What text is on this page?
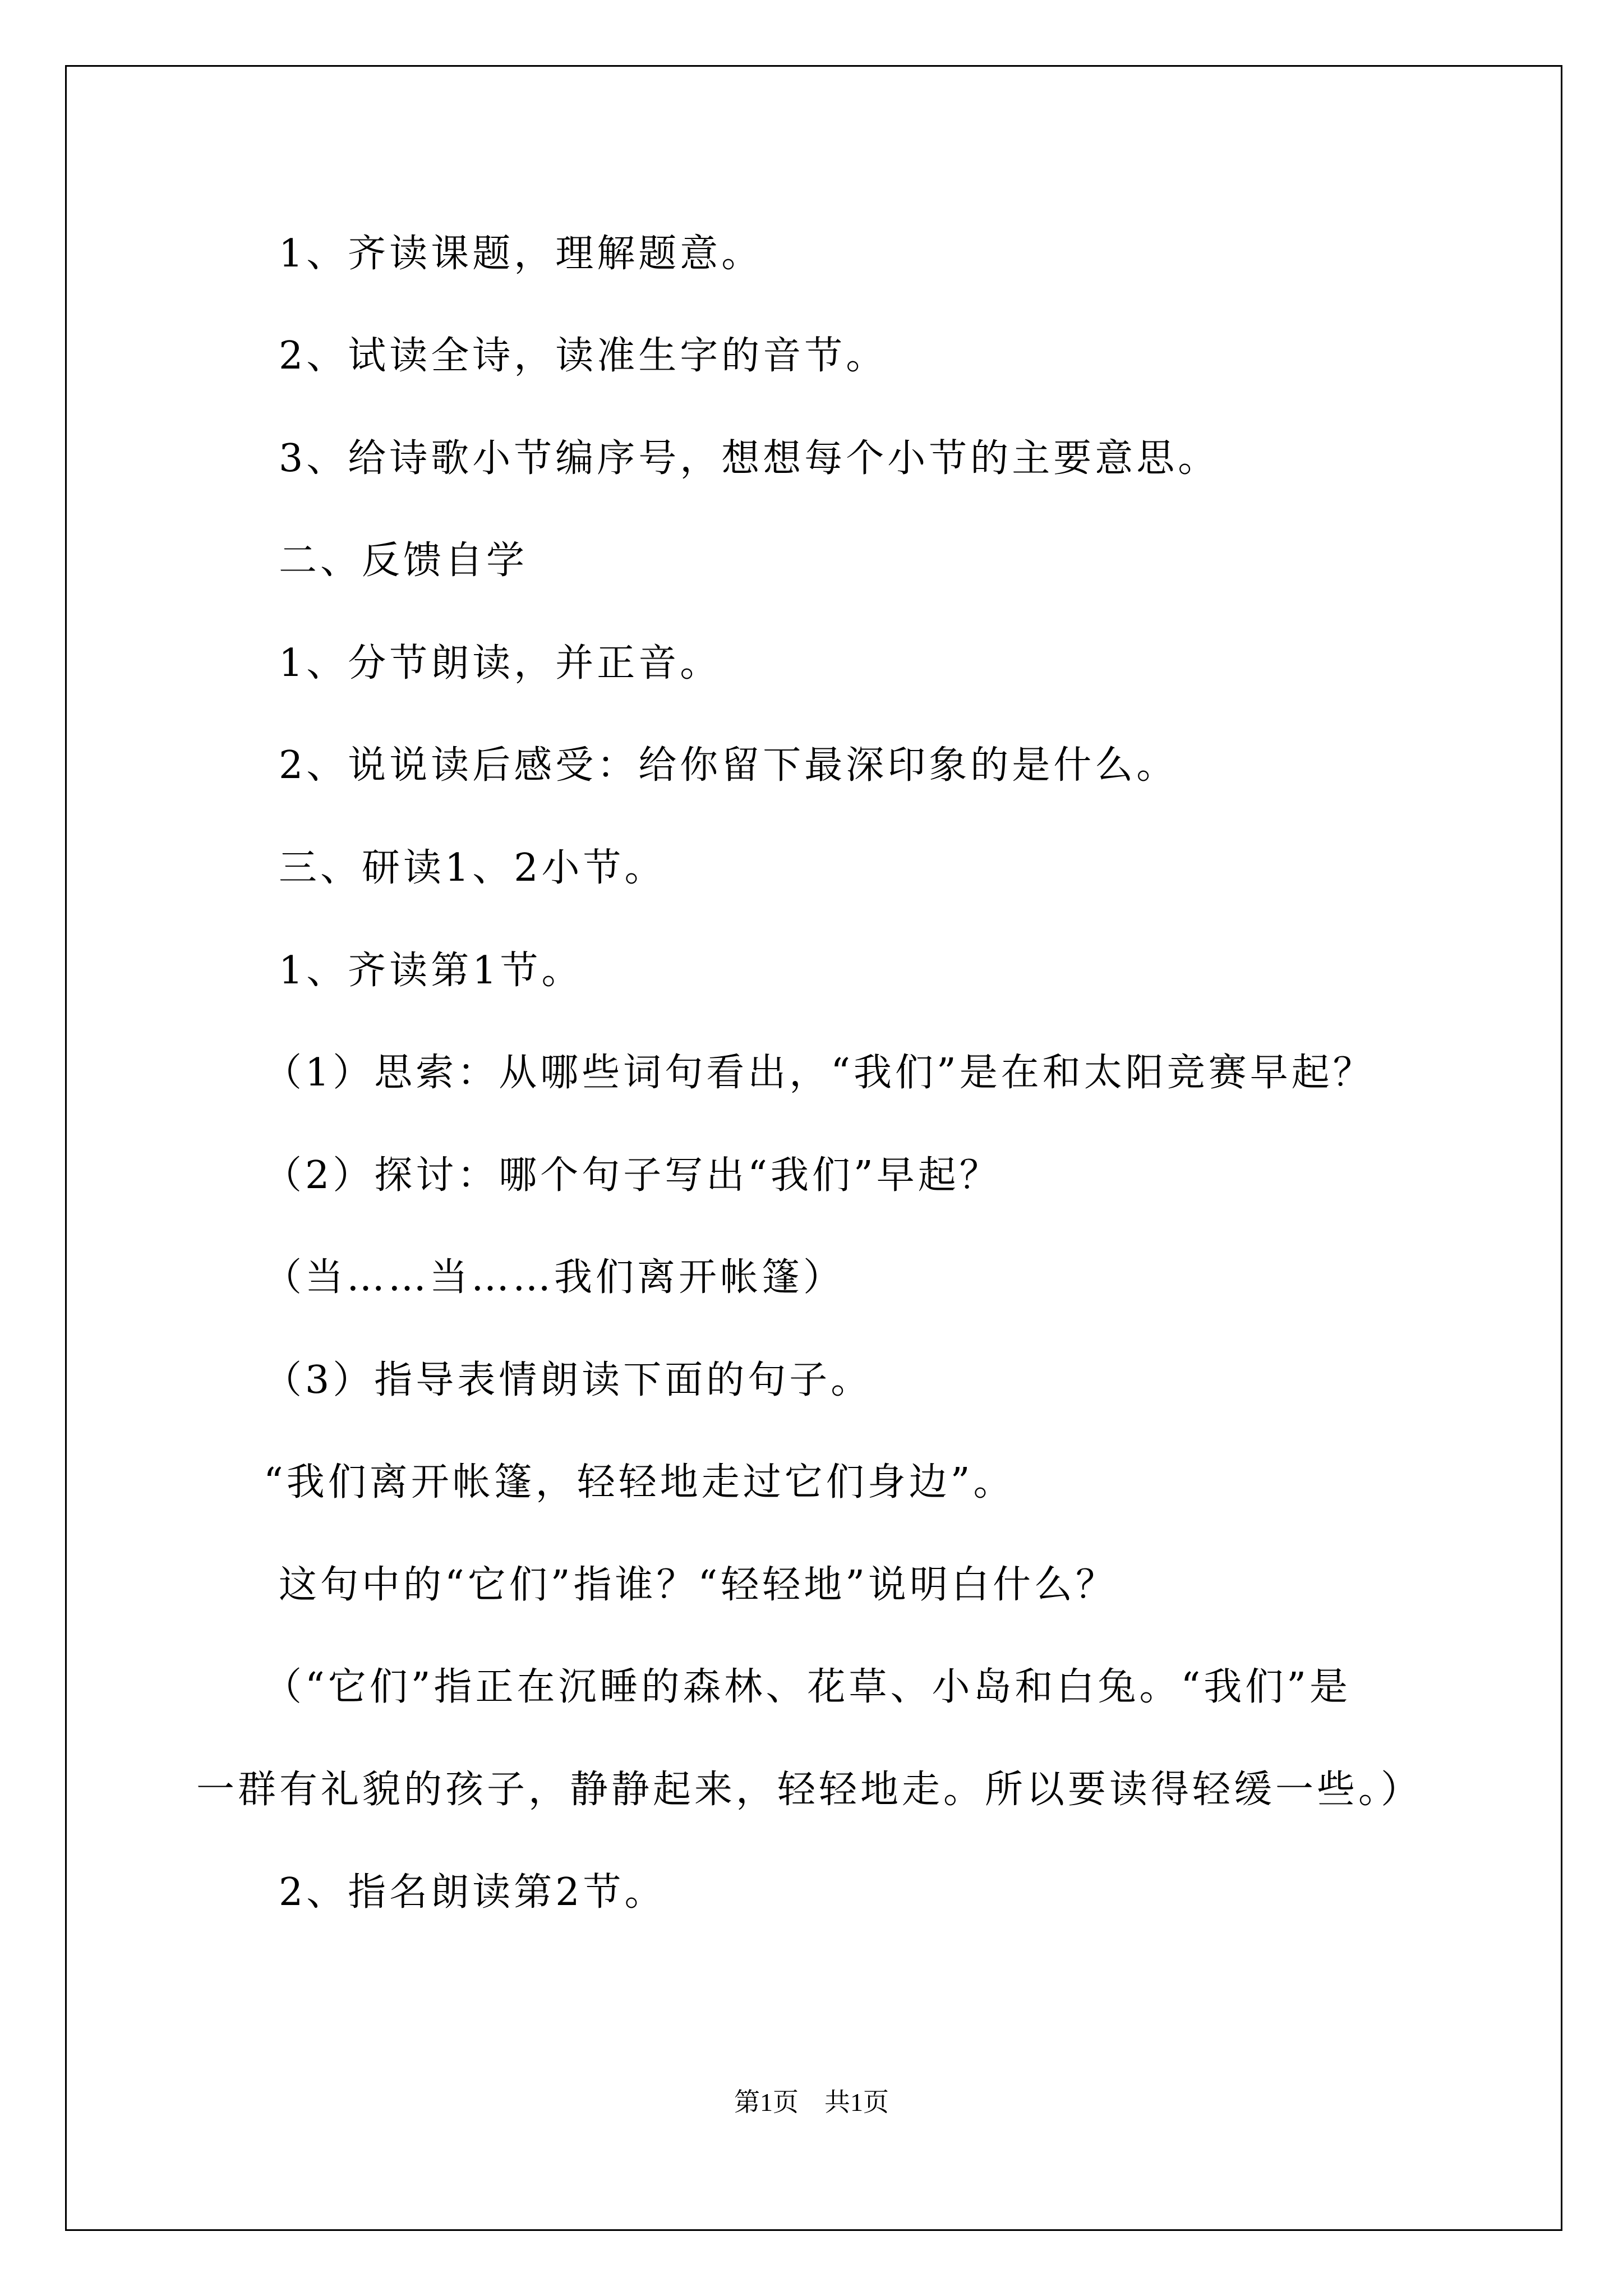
1、齐读课题，理解题意。
2、试读全诗，读准生字的音节。
3、给诗歌小节编序号，想想每个小节的主要意思。
二、反馈自学
1、分节朗读，并正音。
2、说说读后感受：给你留下最深印象的是什么。
三、研读1、2小节。
1、齐读第1节。
（1）思索：从哪些词句看出，“我们”是在和太阳竞赛早起？
（2）探讨：哪个句子写出“我们”早起？
（当……当……我们离开帐篷）
（3）指导表情朗读下面的句子。
“我们离开帐篷，轻轻地走过它们身边”。
这句中的“它们”指谁？“轻轻地”说明白什么？
（“它们”指正在沉睡的森林、花草、小岛和白兔。“我们”是
一群有礼貌的孩子，静静起来，轻轻地走。所以要读得轻缓一些。）
2、指名朗读第2节。
第1页　共1页
